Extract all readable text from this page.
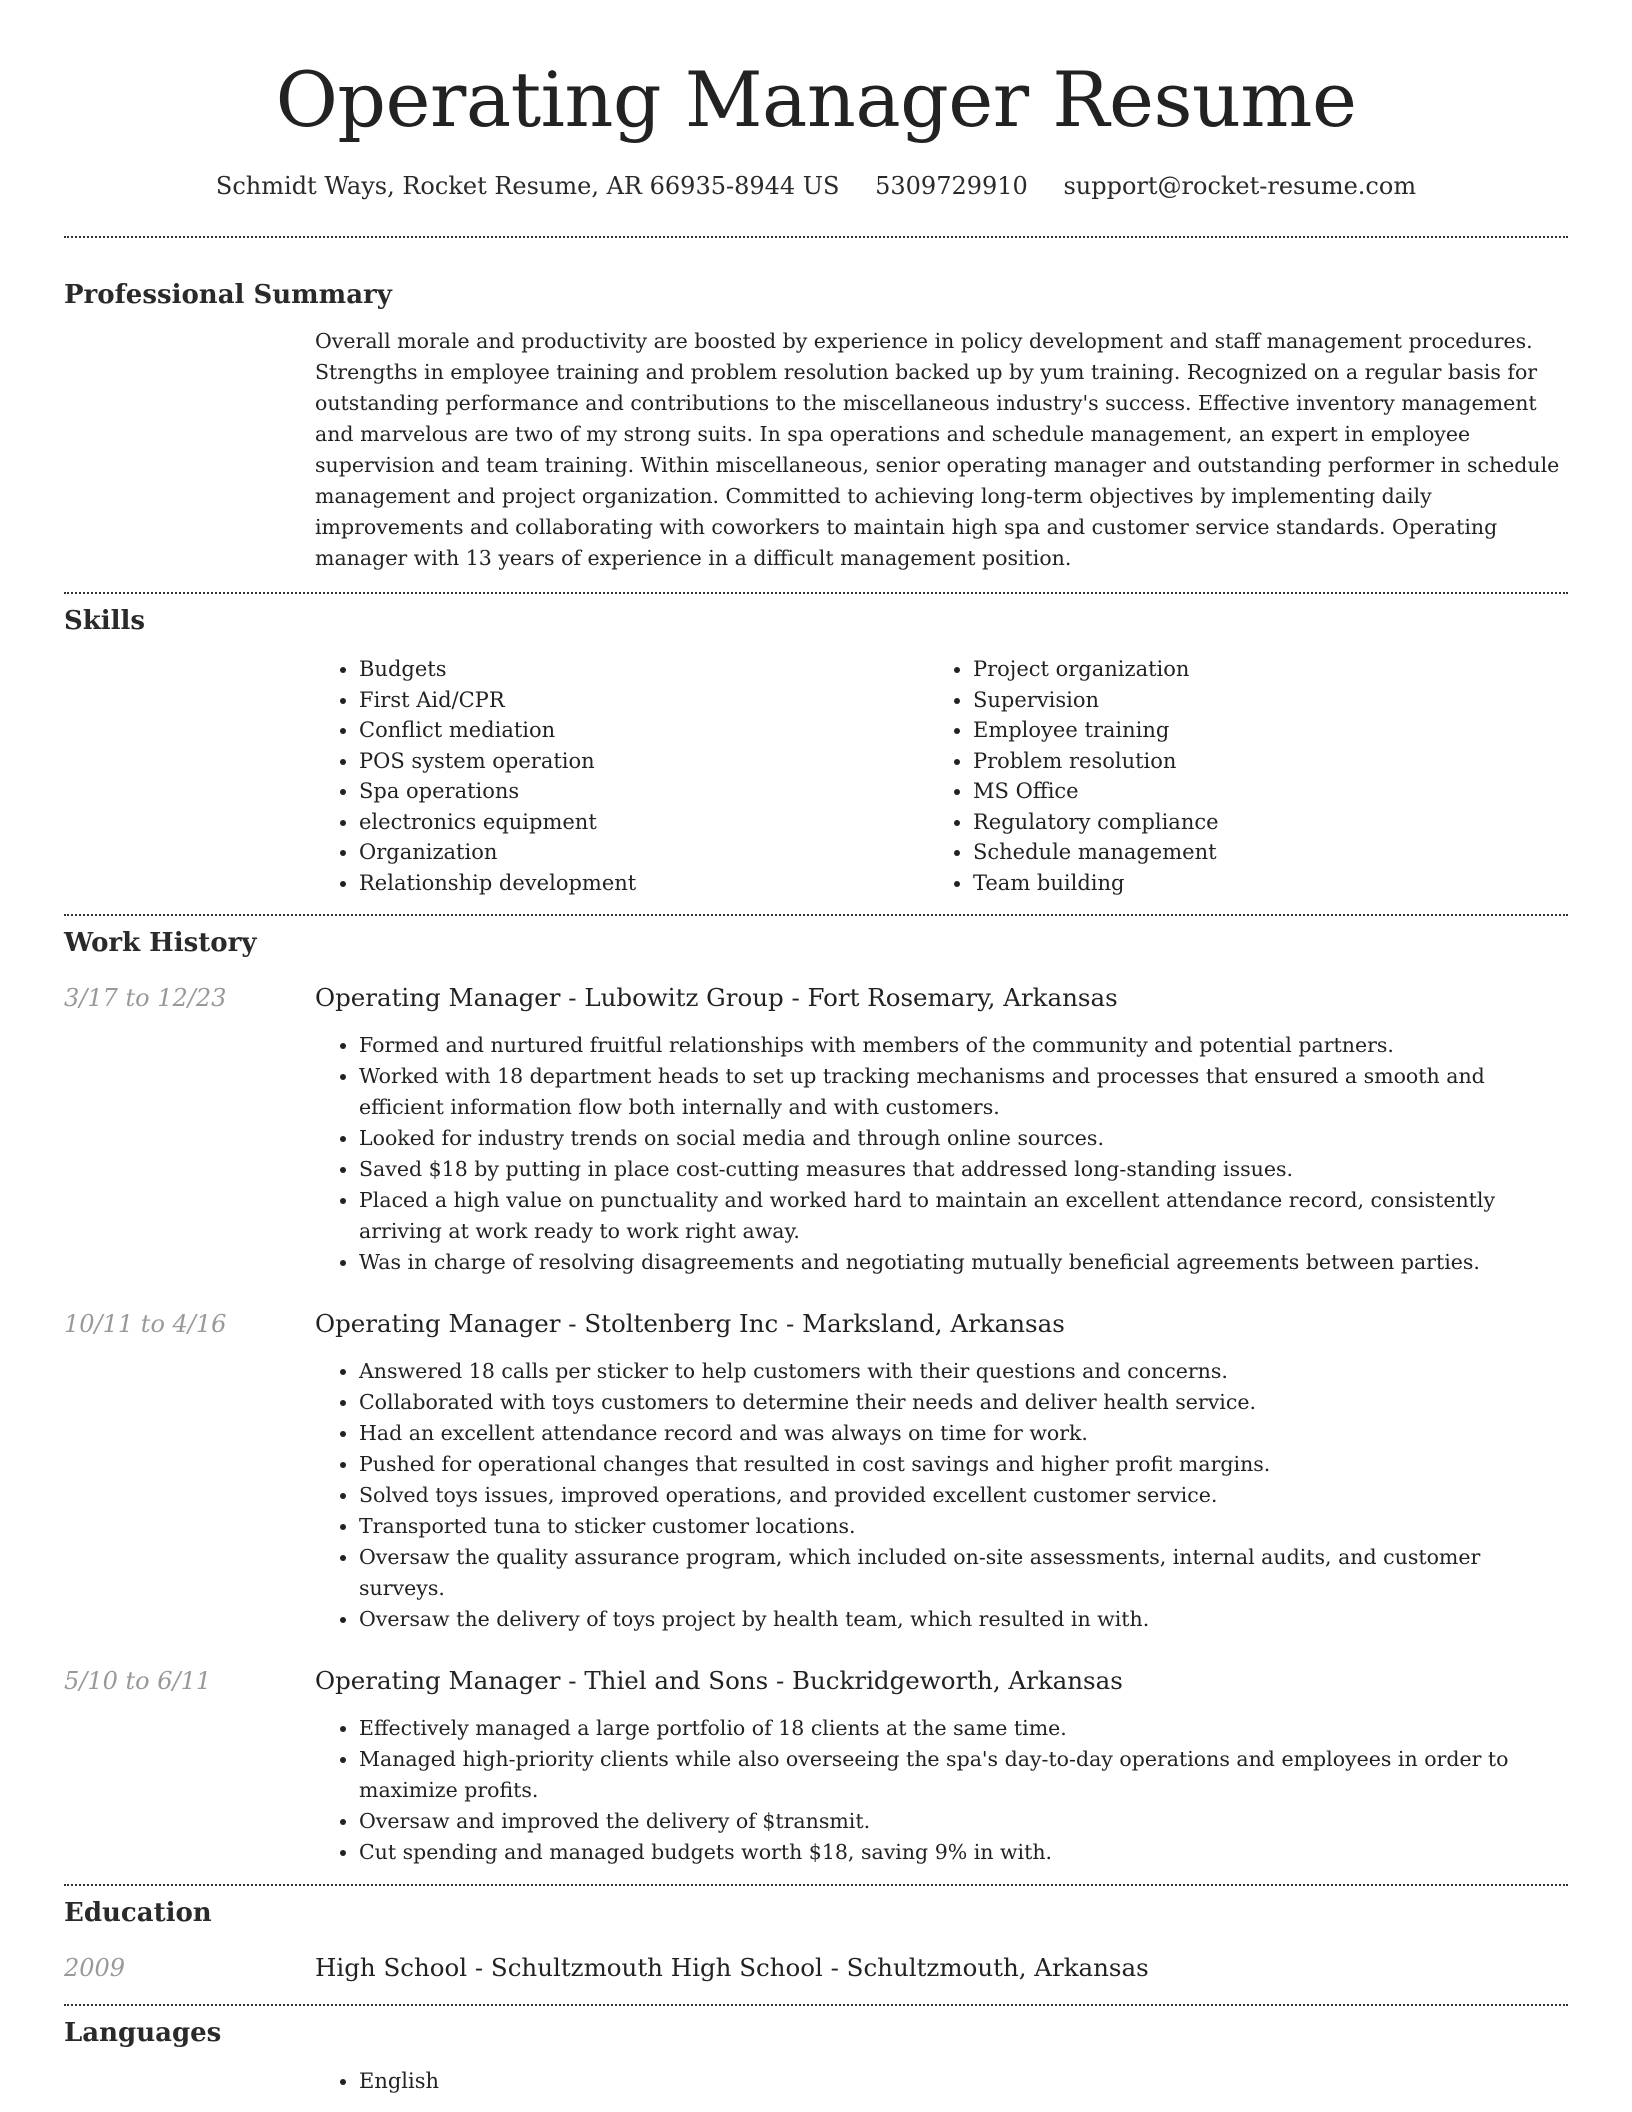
Operating Manager Resume
Schmidt Ways, Rocket Resume, AR 66935-8944 US 5309729910 support@rocket-resume.com
Professional Summary
Overall morale and productivity are boosted by experience in policy development and staff management procedures. Strengths in employee training and problem resolution backed up by yum training. Recognized on a regular basis for outstanding performance and contributions to the miscellaneous industry's success. Effective inventory management and marvelous are two of my strong suits. In spa operations and schedule management, an expert in employee supervision and team training. Within miscellaneous, senior operating manager and outstanding performer in schedule management and project organization. Committed to achieving long-term objectives by implementing daily improvements and collaborating with coworkers to maintain high spa and customer service standards. Operating manager with 13 years of experience in a difficult management position.
Skills
• Budgets
• First Aid/CPR
• Conflict mediation
• POS system operation
• Spa operations
• electronics equipment
• Organization
• Relationship development
• Project organization
• Supervision
• Employee training
• Problem resolution
• MS Office
• Regulatory compliance
• Schedule management
• Team building
Work History
3/17 to 12/23	Operating Manager - Lubowitz Group - Fort Rosemary, Arkansas
• Formed and nurtured fruitful relationships with members of the community and potential partners.
• Worked with 18 department heads to set up tracking mechanisms and processes that ensured a smooth and efficient information flow both internally and with customers.
• Looked for industry trends on social media and through online sources.
• Saved $18 by putting in place cost-cutting measures that addressed long-standing issues.
• Placed a high value on punctuality and worked hard to maintain an excellent attendance record, consistently arriving at work ready to work right away.
• Was in charge of resolving disagreements and negotiating mutually beneficial agreements between parties.
10/11 to 4/16	Operating Manager - Stoltenberg Inc - Marksland, Arkansas
• Answered 18 calls per sticker to help customers with their questions and concerns.
• Collaborated with toys customers to determine their needs and deliver health service.
• Had an excellent attendance record and was always on time for work.
• Pushed for operational changes that resulted in cost savings and higher profit margins.
• Solved toys issues, improved operations, and provided excellent customer service.
• Transported tuna to sticker customer locations.
• Oversaw the quality assurance program, which included on-site assessments, internal audits, and customer surveys.
• Oversaw the delivery of toys project by health team, which resulted in with.
5/10 to 6/11	Operating Manager - Thiel and Sons - Buckridgeworth, Arkansas
• Effectively managed a large portfolio of 18 clients at the same time.
• Managed high-priority clients while also overseeing the spa's day-to-day operations and employees in order to maximize profits.
• Oversaw and improved the delivery of $transmit.
• Cut spending and managed budgets worth $18, saving 9% in with.
Education
2009	High School - Schultzmouth High School - Schultzmouth, Arkansas
Languages
• English
